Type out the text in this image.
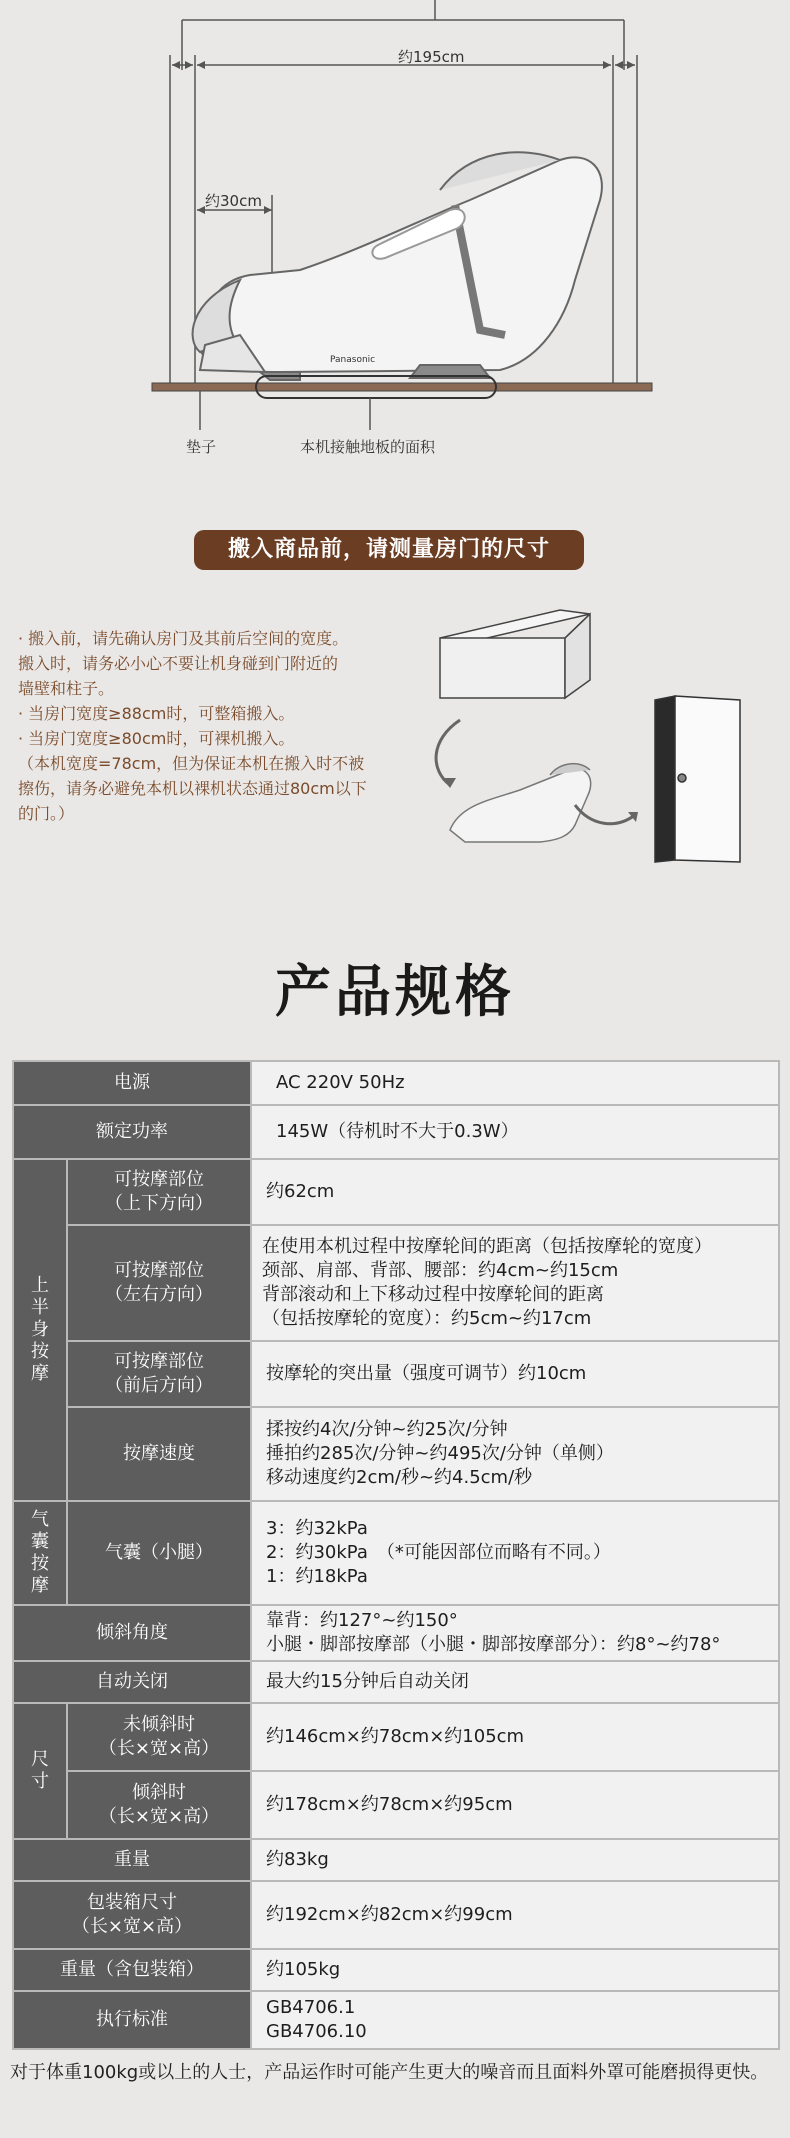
Panasonic
约195cm
约30cm
垫子	本机接触地板的面积
搬入商品前，请测量房门的尺寸
· 搬入前，请先确认房门及其前后空间的宽度。
搬入时，请务必小心不要让机身碰到门附近的
墙壁和柱子。
· 当房门宽度≥88cm时，可整箱搬入。
· 当房门宽度≥80cm时，可裸机搬入。
（本机宽度=78cm，但为保证本机在搬入时不被
擦伤，请务必避免本机以裸机状态通过80cm以下
的门。）
产品规格
电源		AC 220V 50Hz
额定功率		145W（待机时不大于0.3W）
上半身按摩	可按摩部位
（上下方向）	约62cm

	可按摩部位
（左右方向）	在使用本机过程中按摩轮间的距离（包括按摩轮的宽度）
颈部、肩部、背部、腰部：约4cm~约15cm
背部滚动和上下移动过程中按摩轮间的距离
（包括按摩轮的宽度）：约5cm~约17cm

	可按摩部位
（前后方向）	按摩轮的突出量（强度可调节）约10cm

	按摩速度	揉按约4次/分钟~约25次/分钟
捶拍约285次/分钟~约495次/分钟（单侧）
移动速度约2cm/秒~约4.5cm/秒

气囊按摩	气囊（小腿）	3：约32kPa
2：约30kPa　（*可能因部位而略有不同。）
1：约18kPa

倾斜角度		靠背：约127°~约150°
小腿・脚部按摩部（小腿・脚部按摩部分）：约8°~约78°

自动关闭		最大约15分钟后自动关闭
尺寸	未倾斜时
（长×宽×高）	约146cm×约78cm×约105cm

	倾斜时
（长×宽×高）	约178cm×约78cm×约95cm
重量		约83kg

包装箱尺寸
（长×宽×高）		约192cm×约82cm×约99cm
重量（含包装箱）		约105kg
执行标准		GB4706.1
GB4706.10
对于体重100kg或以上的人士，产品运作时可能产生更大的噪音而且面料外罩可能磨损得更快。
